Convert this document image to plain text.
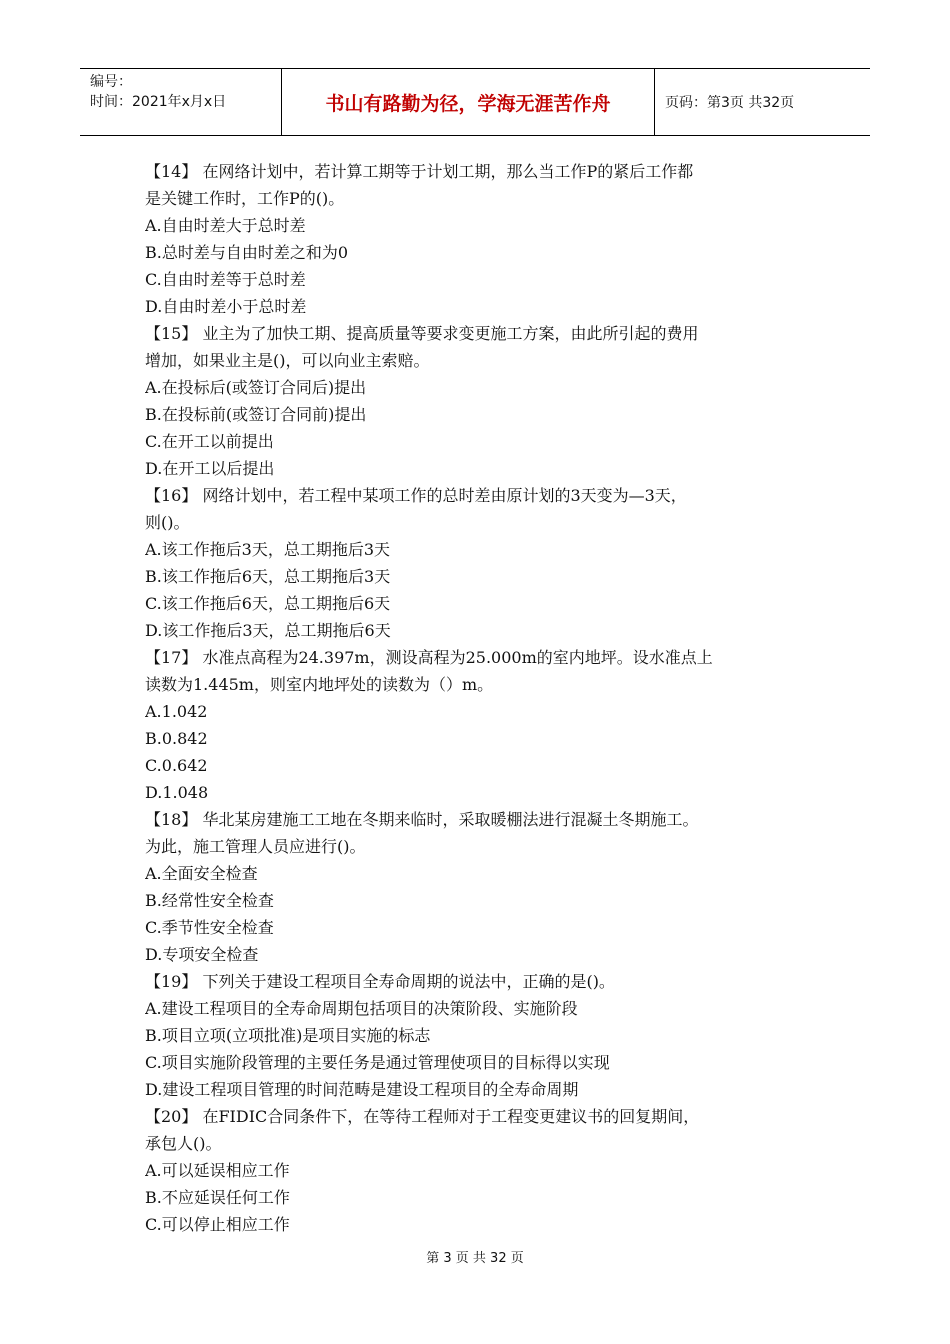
编号：
时间：2021年x月x日	书山有路勤为径，学海无涯苦作舟	页码：第3页 共32页
【14】 在网络计划中，若计算工期等于计划工期，那么当工作P的紧后工作都
是关键工作时，工作P的()。
A.自由时差大于总时差
B.总时差与自由时差之和为0
C.自由时差等于总时差
D.自由时差小于总时差
【15】 业主为了加快工期、提高质量等要求变更施工方案，由此所引起的费用
增加，如果业主是()，可以向业主索赔。
A.在投标后(或签订合同后)提出
B.在投标前(或签订合同前)提出
C.在开工以前提出
D.在开工以后提出
【16】 网络计划中，若工程中某项工作的总时差由原计划的3天变为—3天，
则()。
A.该工作拖后3天，总工期拖后3天
B.该工作拖后6天，总工期拖后3天
C.该工作拖后6天，总工期拖后6天
D.该工作拖后3天，总工期拖后6天
【17】 水准点高程为24.397m，测设高程为25.000m的室内地坪。设水准点上
读数为1.445m，则室内地坪处的读数为（）m。
A.1.042
B.0.842
C.0.642
D.1.048
【18】 华北某房建施工工地在冬期来临时，采取暖棚法进行混凝土冬期施工。
为此，施工管理人员应进行()。
A.全面安全检查
B.经常性安全检查
C.季节性安全检查
D.专项安全检查
【19】 下列关于建设工程项目全寿命周期的说法中，正确的是()。
A.建设工程项目的全寿命周期包括项目的决策阶段、实施阶段
B.项目立项(立项批准)是项目实施的标志
C.项目实施阶段管理的主要任务是通过管理使项目的目标得以实现
D.建设工程项目管理的时间范畴是建设工程项目的全寿命周期
【20】 在FIDIC合同条件下，在等待工程师对于工程变更建议书的回复期间，
承包人()。
A.可以延误相应工作
B.不应延误任何工作
C.可以停止相应工作
第 3 页 共 32 页
